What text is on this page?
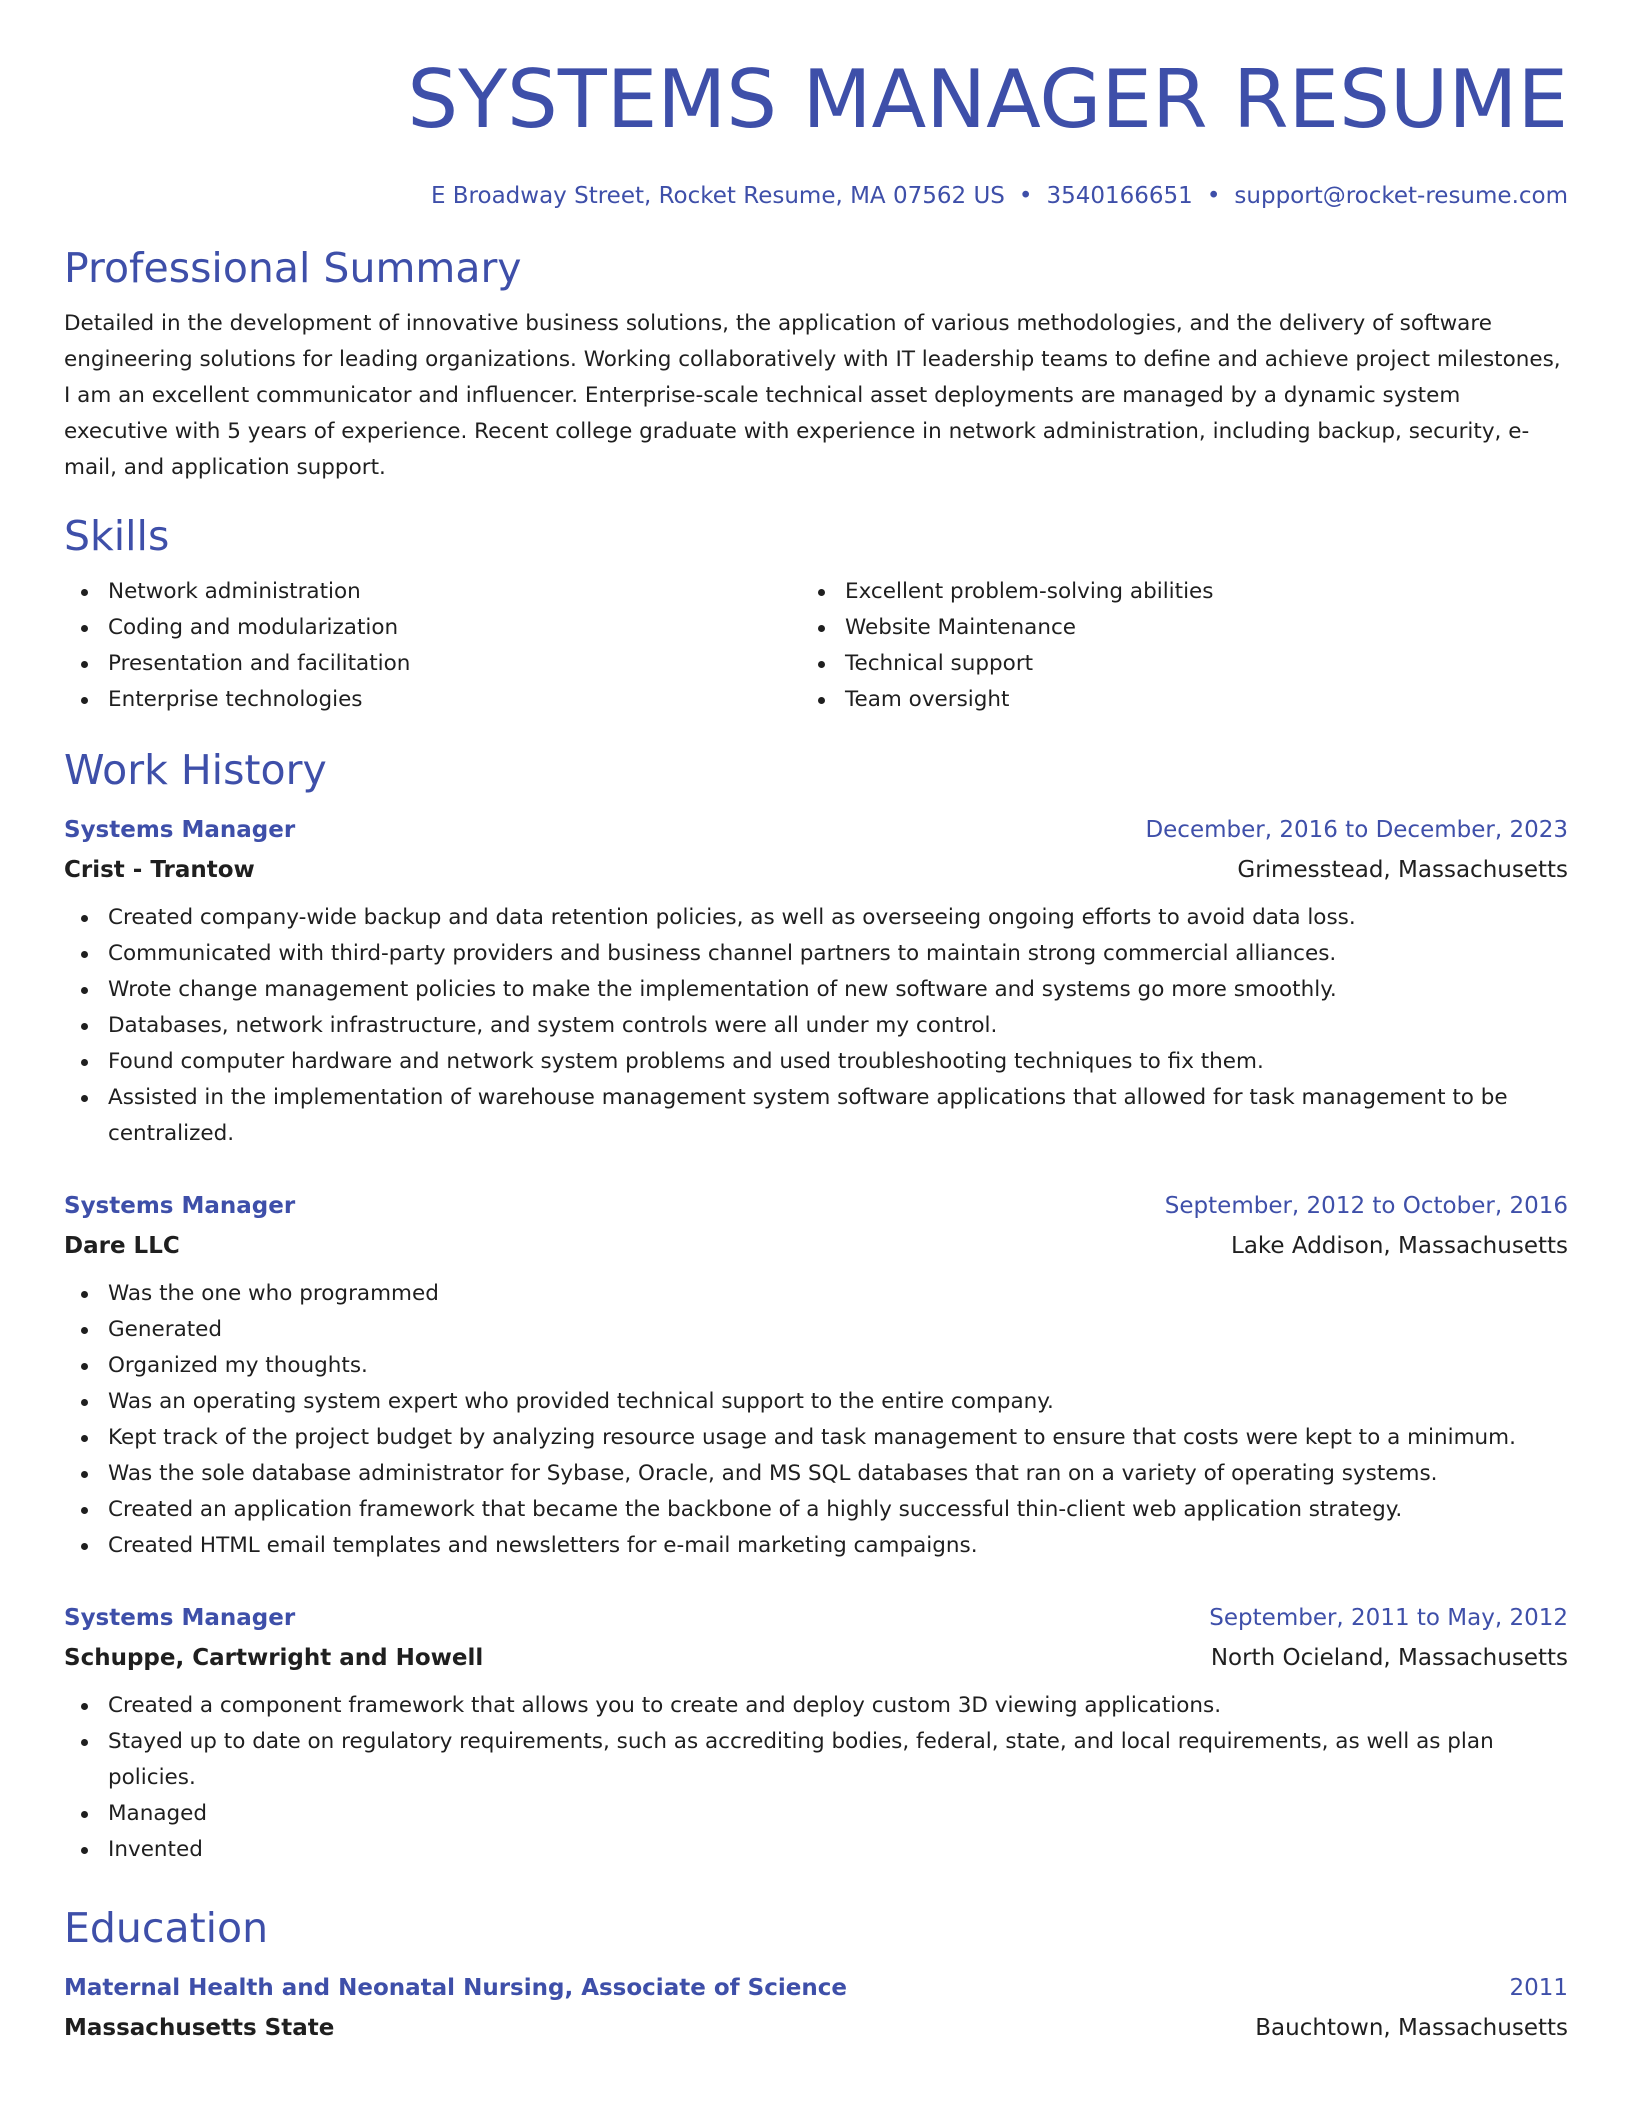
SYSTEMS MANAGER RESUME
E Broadway Street, Rocket Resume, MA 07562 US • 3540166651 • support@rocket-resume.com
Professional Summary
Detailed in the development of innovative business solutions, the application of various methodologies, and the delivery of software engineering solutions for leading organizations. Working collaboratively with IT leadership teams to define and achieve project milestones, I am an excellent communicator and influencer. Enterprise-scale technical asset deployments are managed by a dynamic system executive with 5 years of experience. Recent college graduate with experience in network administration, including backup, security, e-mail, and application support.
Skills
Network administration
Coding and modularization
Presentation and facilitation
Enterprise technologies
Excellent problem-solving abilities
Website Maintenance
Technical support
Team oversight
Work History
Systems Manager	December, 2016 to December, 2023
Crist - Trantow	Grimesstead, Massachusetts
Created company-wide backup and data retention policies, as well as overseeing ongoing efforts to avoid data loss.
Communicated with third-party providers and business channel partners to maintain strong commercial alliances.
Wrote change management policies to make the implementation of new software and systems go more smoothly.
Databases, network infrastructure, and system controls were all under my control.
Found computer hardware and network system problems and used troubleshooting techniques to fix them.
Assisted in the implementation of warehouse management system software applications that allowed for task management to be centralized.
Systems Manager	September, 2012 to October, 2016
Dare LLC	Lake Addison, Massachusetts
Was the one who programmed
Generated
Organized my thoughts.
Was an operating system expert who provided technical support to the entire company.
Kept track of the project budget by analyzing resource usage and task management to ensure that costs were kept to a minimum.
Was the sole database administrator for Sybase, Oracle, and MS SQL databases that ran on a variety of operating systems.
Created an application framework that became the backbone of a highly successful thin-client web application strategy.
Created HTML email templates and newsletters for e-mail marketing campaigns.
Systems Manager	September, 2011 to May, 2012
Schuppe, Cartwright and Howell	North Ocieland, Massachusetts
Created a component framework that allows you to create and deploy custom 3D viewing applications.
Stayed up to date on regulatory requirements, such as accrediting bodies, federal, state, and local requirements, as well as plan policies.
Managed
Invented
Education
Maternal Health and Neonatal Nursing, Associate of Science	2011
Massachusetts State	Bauchtown, Massachusetts
